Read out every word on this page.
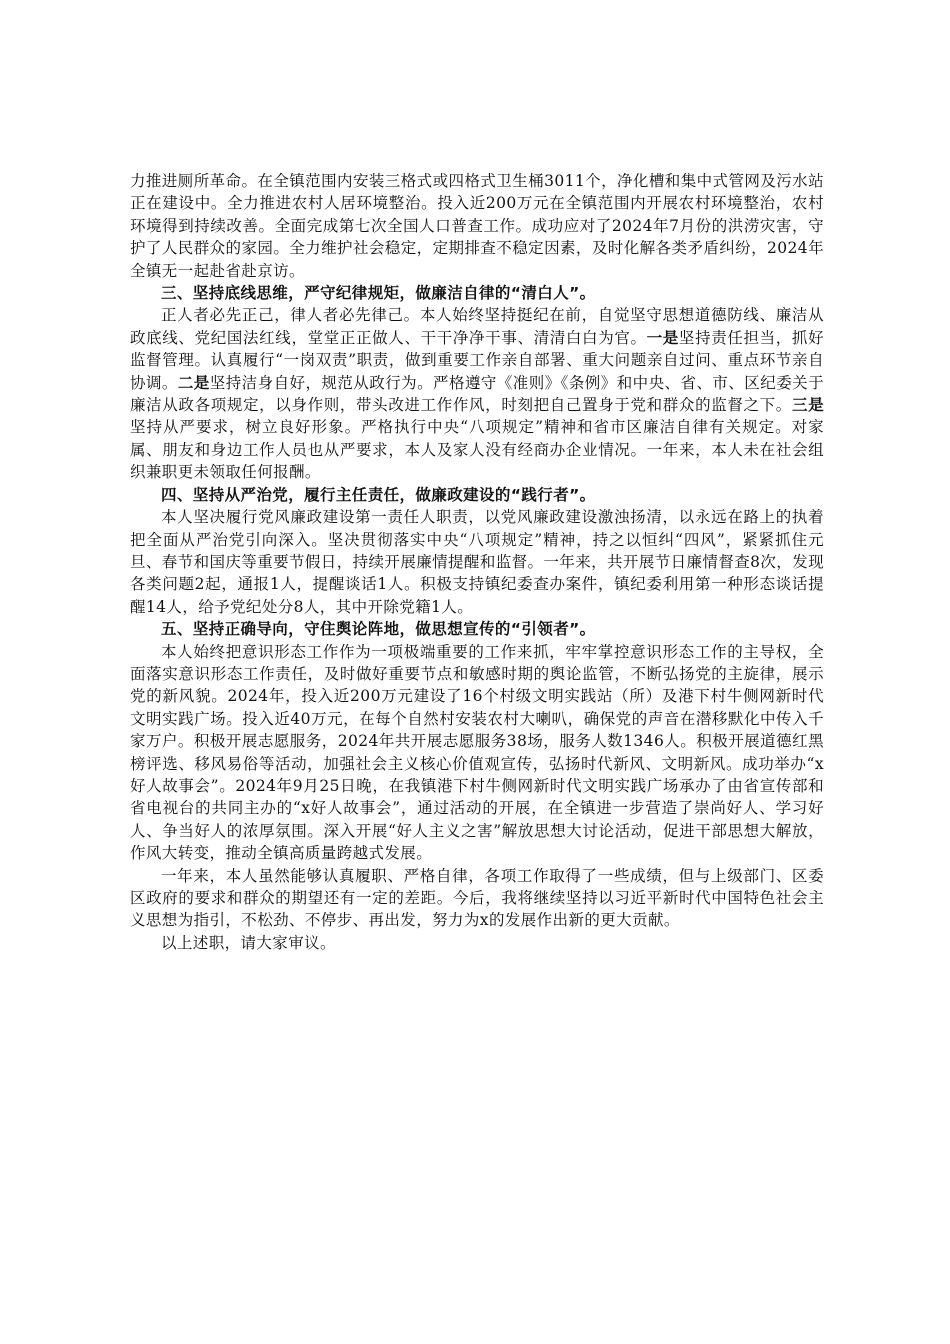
力推进厕所革命。在全镇范围内安装三格式或四格式卫生桶3011个，净化槽和集中式管网及污水站正在建设中。全力推进农村人居环境整治。投入近200万元在全镇范围内开展农村环境整治，农村环境得到持续改善。全面完成第七次全国人口普查工作。成功应对了2024年7月份的洪涝灾害，守护了人民群众的家园。全力维护社会稳定，定期排查不稳定因素，及时化解各类矛盾纠纷，2024年全镇无一起赴省赴京访。

三、坚持底线思维，严守纪律规矩，做廉洁自律的“清白人”。

正人者必先正己，律人者必先律己。本人始终坚持挺纪在前，自觉坚守思想道德防线、廉洁从政底线、党纪国法红线，堂堂正正做人、干干净净干事、清清白白为官。一是坚持责任担当，抓好监督管理。认真履行“一岗双责”职责，做到重要工作亲自部署、重大问题亲自过问、重点环节亲自协调。二是坚持洁身自好，规范从政行为。严格遵守《准则》《条例》和中央、省、市、区纪委关于廉洁从政各项规定，以身作则，带头改进工作作风，时刻把自己置身于党和群众的监督之下。三是坚持从严要求，树立良好形象。严格执行中央“八项规定”精神和省市区廉洁自律有关规定。对家属、朋友和身边工作人员也从严要求，本人及家人没有经商办企业情况。一年来，本人未在社会组织兼职更未领取任何报酬。

四、坚持从严治党，履行主任责任，做廉政建设的“践行者”。

本人坚决履行党风廉政建设第一责任人职责，以党风廉政建设激浊扬清，以永远在路上的执着把全面从严治党引向深入。坚决贯彻落实中央“八项规定”精神，持之以恒纠“四风”，紧紧抓住元旦、春节和国庆等重要节假日，持续开展廉情提醒和监督。一年来，共开展节日廉情督查8次，发现各类问题2起，通报1人，提醒谈话1人。积极支持镇纪委查办案件，镇纪委利用第一种形态谈话提醒14人，给予党纪处分8人，其中开除党籍1人。

五、坚持正确导向，守住舆论阵地，做思想宣传的“引领者”。

本人始终把意识形态工作作为一项极端重要的工作来抓，牢牢掌控意识形态工作的主导权，全面落实意识形态工作责任，及时做好重要节点和敏感时期的舆论监管，不断弘扬党的主旋律，展示党的新风貌。2024年，投入近200万元建设了16个村级文明实践站（所）及港下村牛侧网新时代文明实践广场。投入近40万元，在每个自然村安装农村大喇叭，确保党的声音在潜移默化中传入千家万户。积极开展志愿服务，2024年共开展志愿服务38场，服务人数1346人。积极开展道德红黑榜评选、移风易俗等活动，加强社会主义核心价值观宣传，弘扬时代新风、文明新风。成功举办“x好人故事会”。2024年9月25日晚，在我镇港下村牛侧网新时代文明实践广场承办了由省宣传部和省电视台的共同主办的“x好人故事会”，通过活动的开展，在全镇进一步营造了崇尚好人、学习好人、争当好人的浓厚氛围。深入开展“好人主义之害”解放思想大讨论活动，促进干部思想大解放，作风大转变，推动全镇高质量跨越式发展。

一年来，本人虽然能够认真履职、严格自律，各项工作取得了一些成绩，但与上级部门、区委区政府的要求和群众的期望还有一定的差距。今后，我将继续坚持以习近平新时代中国特色社会主义思想为指引，不松劲、不停步、再出发，努力为x的发展作出新的更大贡献。

以上述职，请大家审议。
